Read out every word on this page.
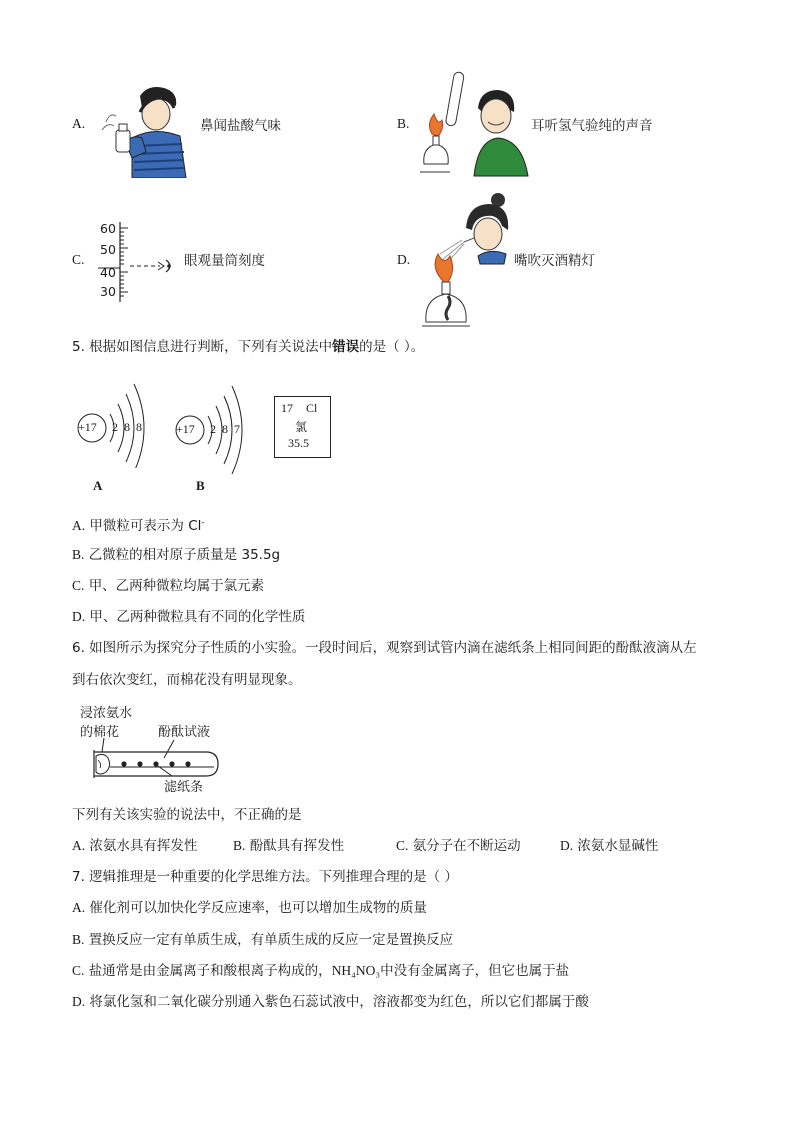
A.	鼻闻盐酸气味	B.	耳听氢气验纯的声音
C.
60
50
40
30
眼观量筒刻度	D.	嘴吹灭酒精灯
5. 根据如图信息进行判断，下列有关说法中错误的是（ ）。
+17 2  8  8
A
+17 2  8  7
B
17 Cl
氯
35.5
A. 甲微粒可表示为 Cl-
B. 乙微粒的相对原子质量是 35.5g
C. 甲、乙两种微粒均属于氯元素
D. 甲、乙两种微粒具有不同的化学性质
6. 如图所示为探究分子性质的小实验。一段时间后，观察到试管内滴在滤纸条上相同间距的酚酞液滴从左
到右依次变红，而棉花没有明显现象。
浸浓氨水
的棉花	酚酞试液
滤纸条
下列有关该实验的说法中，不正确的是
A. 浓氨水具有挥发性	B. 酚酞具有挥发性	C. 氨分子在不断运动	D. 浓氨水显碱性
7. 逻辑推理是一种重要的化学思维方法。下列推理合理的是（ ）
A. 催化剂可以加快化学反应速率，也可以增加生成物的质量
B. 置换反应一定有单质生成，有单质生成的反应一定是置换反应
C. 盐通常是由金属离子和酸根离子构成的，NH₄NO₃中没有金属离子，但它也属于盐
D. 将氯化氢和二氧化碳分别通入紫色石蕊试液中，溶液都变为红色，所以它们都属于酸
